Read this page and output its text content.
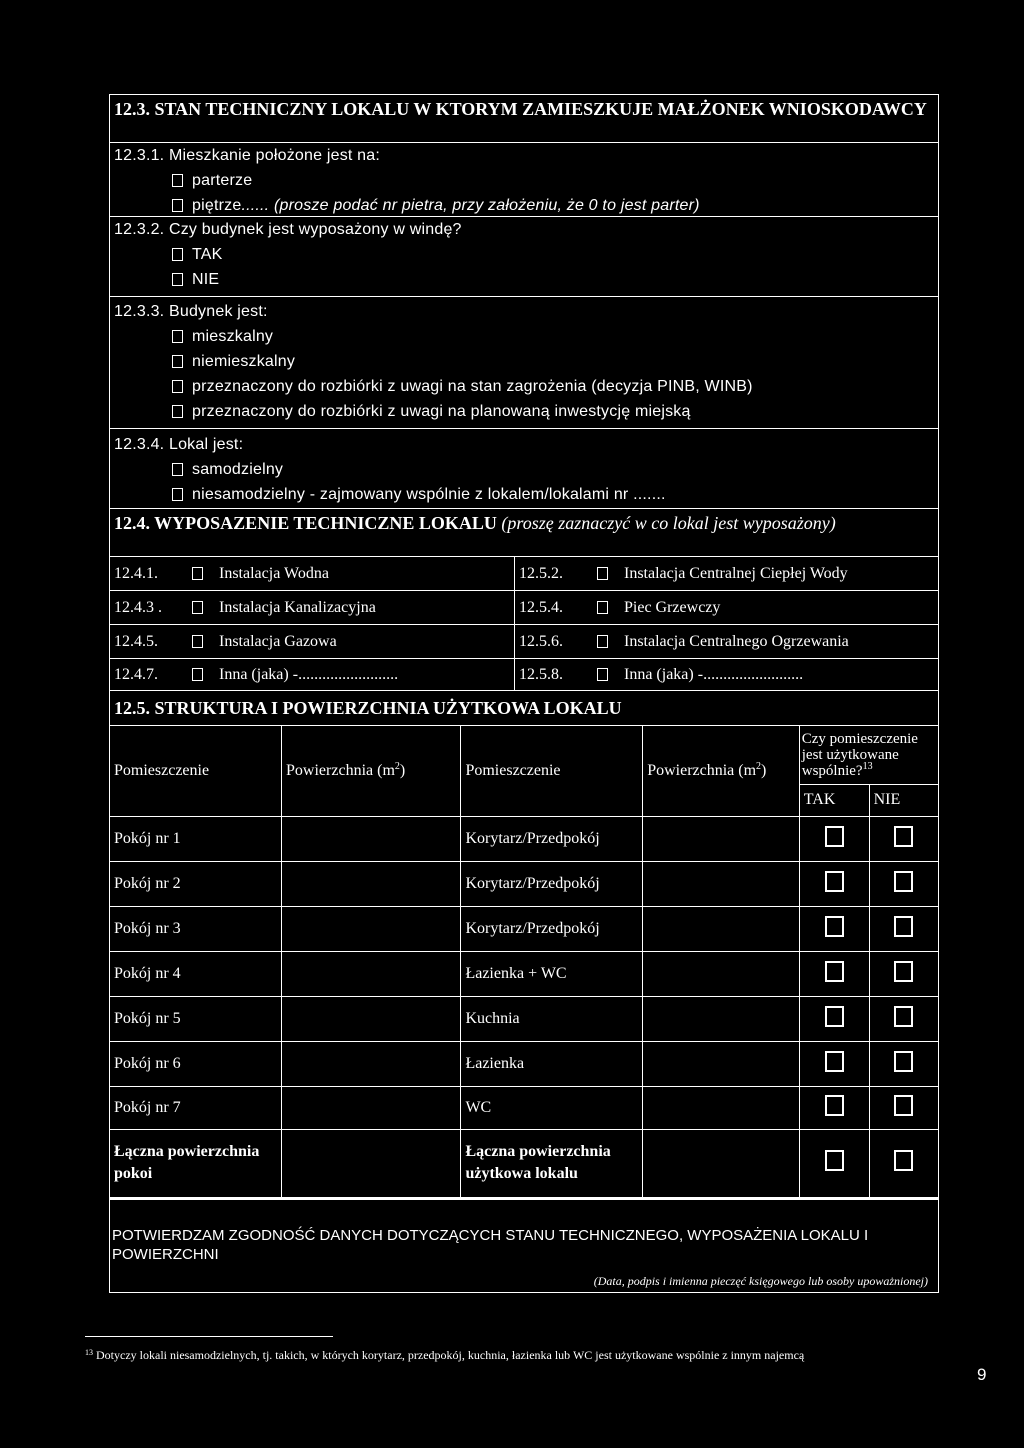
12.3. STAN TECHNICZNY LOKALU W KTORYM ZAMIESZKUJE MAŁŻONEK WNIOSKODAWCY
12.3.1. Mieszkanie położone jest na:
parterze
piętrze...... (prosze podać nr pietra, przy założeniu, że 0 to jest parter)
12.3.2. Czy budynek jest wyposażony w windę?
TAK
NIE
12.3.3. Budynek jest:
mieszkalny
niemieszkalny
przeznaczony do rozbiórki z uwagi na stan zagrożenia (decyzja PINB, WINB)
przeznaczony do rozbiórki z uwagi na planowaną inwestycję miejską
12.3.4. Lokal jest:
samodzielny
niesamodzielny - zajmowany wspólnie z lokalem/lokalami nr .......
12.4. WYPOSAZENIE TECHNICZNE LOKALU (proszę zaznaczyć w co lokal jest wyposażony)
12.4.1.	Instalacja Wodna	12.5.2.	Instalacja Centralnej Ciepłej Wody
12.4.3 .	Instalacja Kanalizacyjna	12.5.4.	Piec Grzewczy
12.4.5.	Instalacja Gazowa	12.5.6.	Instalacja Centralnego Ogrzewania
12.4.7.	Inna (jaka) -.........................	12.5.8.	Inna (jaka) -.........................
12.5. STRUKTURA I POWIERZCHNIA UŻYTKOWA LOKALU
Pomieszczenie	Powierzchnia $(m^2)$	Pomieszczenie	Powierzchnia $(m^2)$	Czy pomieszczenie jest użytkowane wspólnie?$^{13}$
				TAK	NIE
Pokój nr 1		Korytarz/Przedpokój			
Pokój nr 2		Korytarz/Przedpokój			
Pokój nr 3		Korytarz/Przedpokój			
Pokój nr 4		Łazienka + WC			
Pokój nr 5		Kuchnia			
Pokój nr 6		Łazienka			
Pokój nr 7		WC			
Łączna powierzchnia pokoi		Łączna powierzchnia użytkowa lokalu			
POTWIERDZAM ZGODNOŚĆ DANYCH DOTYCZĄCYCH STANU TECHNICZNEGO, WYPOSAŻENIA LOKALU I POWIERZCHNI
(Data, podpis i imienna pieczęć księgowego lub osoby upoważnionej)
$^{13}$ Dotyczy lokali niesamodzielnych, tj. takich, w których korytarz, przedpokój, kuchnia, łazienka lub WC jest użytkowane wspólnie z innym najemcą
9
